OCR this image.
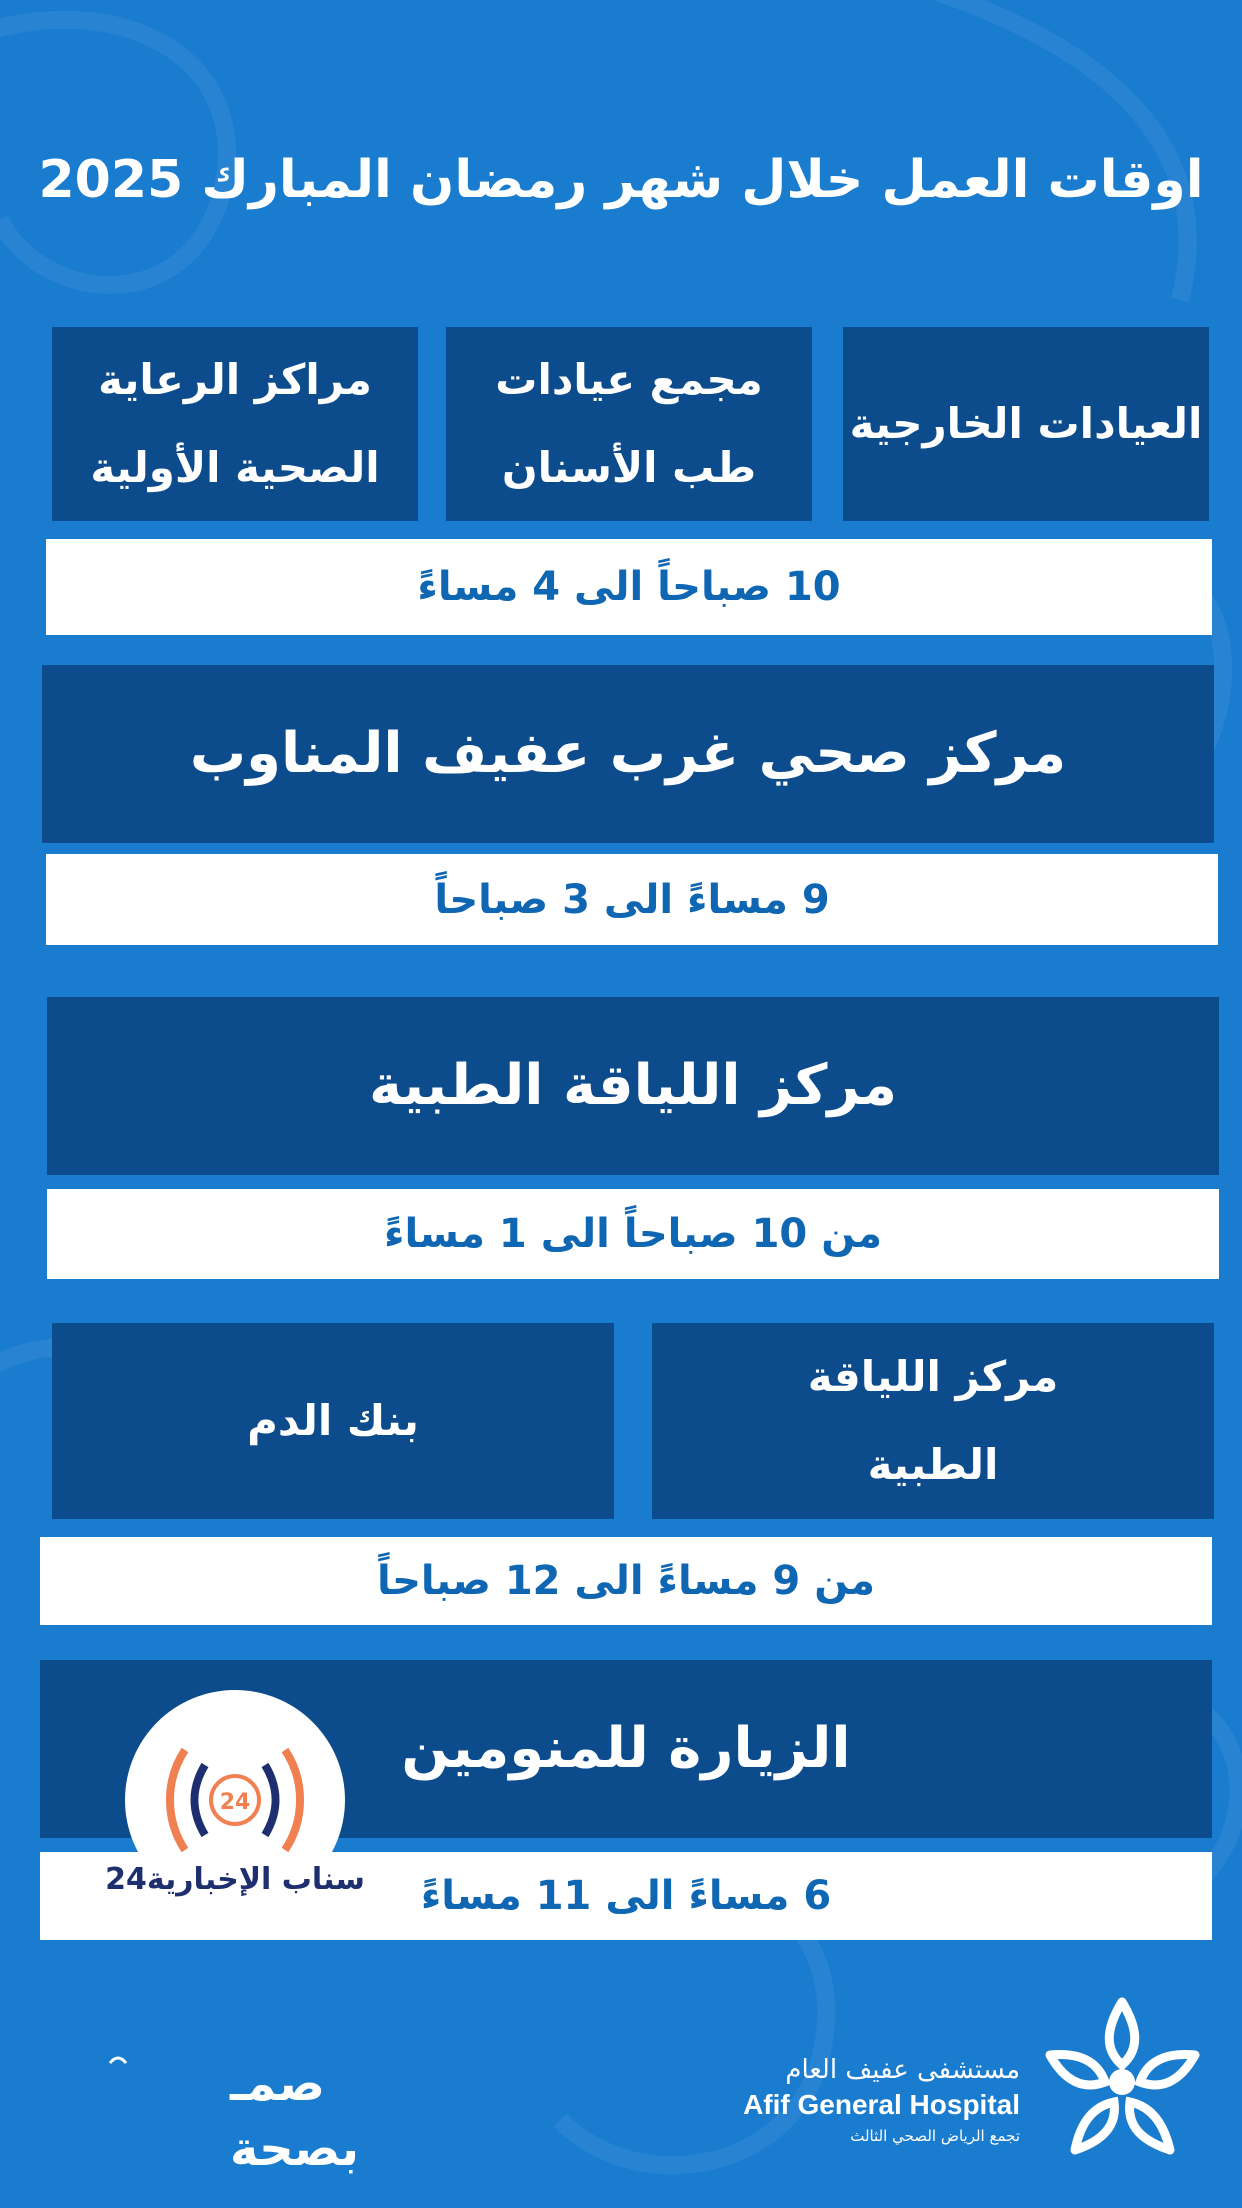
اوقات العمل خلال شهر رمضان المبارك 2025
العيادات الخارجية
مجمع عيادات
طب الأسنان
مراكز الرعاية
الصحية الأولية
10 صباحاً الى 4 مساءً
مركز صحي غرب عفيف المناوب
9 مساءً الى 3 صباحاً
مركز اللياقة الطبية
من 10 صباحاً الى 1 مساءً
مركز اللياقة
الطبية
بنك الدم
من 9 مساءً الى 12 صباحاً
الزيارة للمنومين
6 مساءً الى 11 مساءً
24
سناب الإخبارية24
صمـ
بصحة
مستشفى عفيف العام
Afif General Hospital
تجمع الرياض الصحي الثالث
